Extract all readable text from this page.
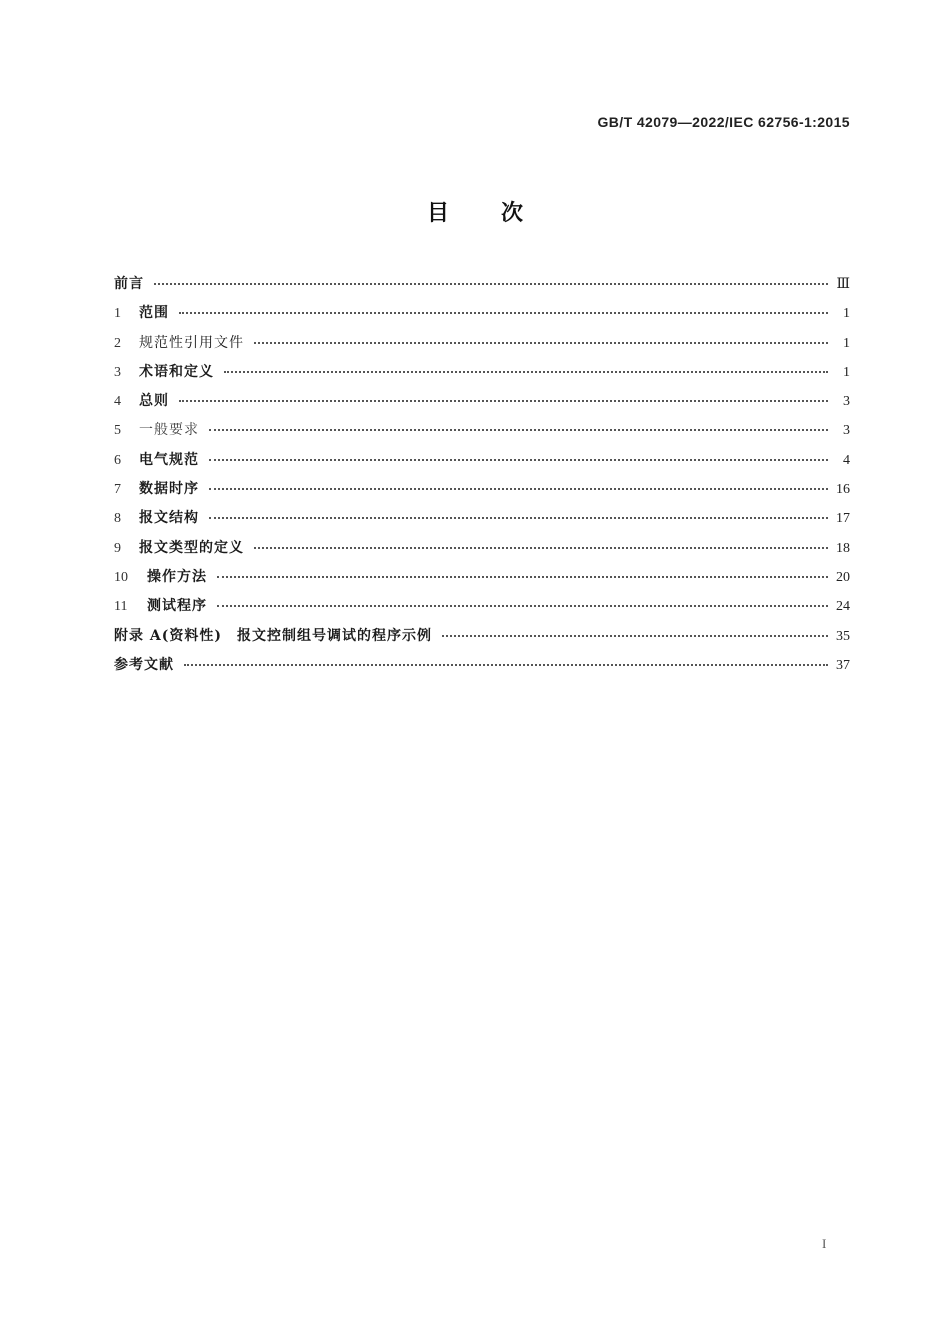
GB/T 42079—2022/IEC 62756-1:2015
目 次
前言	Ⅲ
1	范围	1
2	规范性引用文件	1
3	术语和定义	1
4	总则	3
5	一般要求	3
6	电气规范	4
7	数据时序	16
8	报文结构	17
9	报文类型的定义	18
10	操作方法	20
11	测试程序	24
附录 A(资料性)　报文控制组号调试的程序示例	35
参考文献	37
I
